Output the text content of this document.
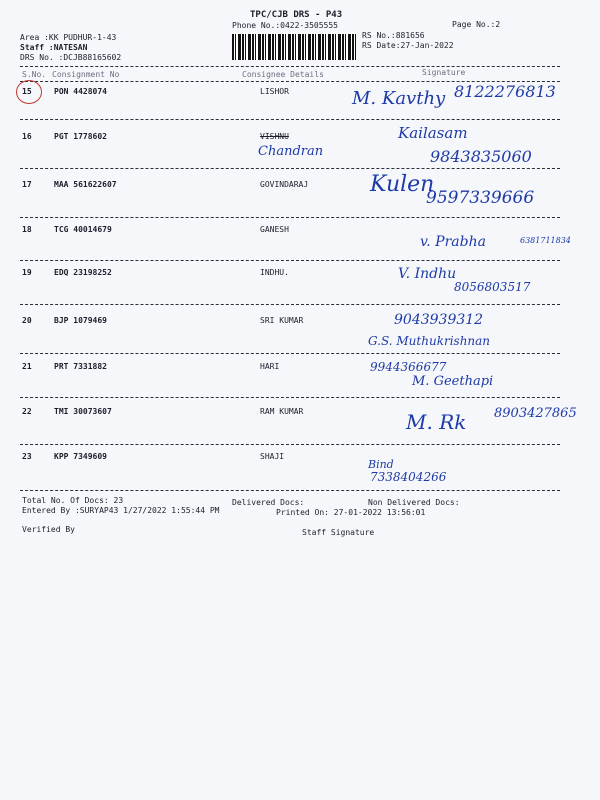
TPC/CJB DRS - P43
Phone No.:0422-3505555	Page No.:2
Area :KK PUDHUR-1-43
Staff :NATESAN
DRS No. :DCJB88165602
RS No.:881656
RS Date:27-Jan-2022
S.No. Consignment No	Consignee Details	Signature
15	PON 4428074	LISHOR	M. Kavthy 8122276813
16	PGT 1778602	VISHNU
Chandran
Kailasam
9843835060
17	MAA 561622607	GOVINDARAJ	Kulen
9597339666
18	TCG 40014679	GANESH
v. Prabha	6381711834
19	EDQ 23198252	INDHU.	V. Indhu
8056803517
20	BJP 1079469	SRI KUMAR
G.S. Muthukrishnan
9043939312
21	PRT 7331882	HARI
M. Geethapi
9944366677
22	TMI 30073607	RAM KUMAR	M. Rk 8903427865
23	KPP 7349609	SHAJI
Bind
7338404266
Total No. Of Docs: 23	Delivered Docs:	Non Delivered Docs:
Entered By :SURYAP43 1/27/2022 1:55:44 PM	Printed On: 27-01-2022 13:56:01
Verified By	Staff Signature
